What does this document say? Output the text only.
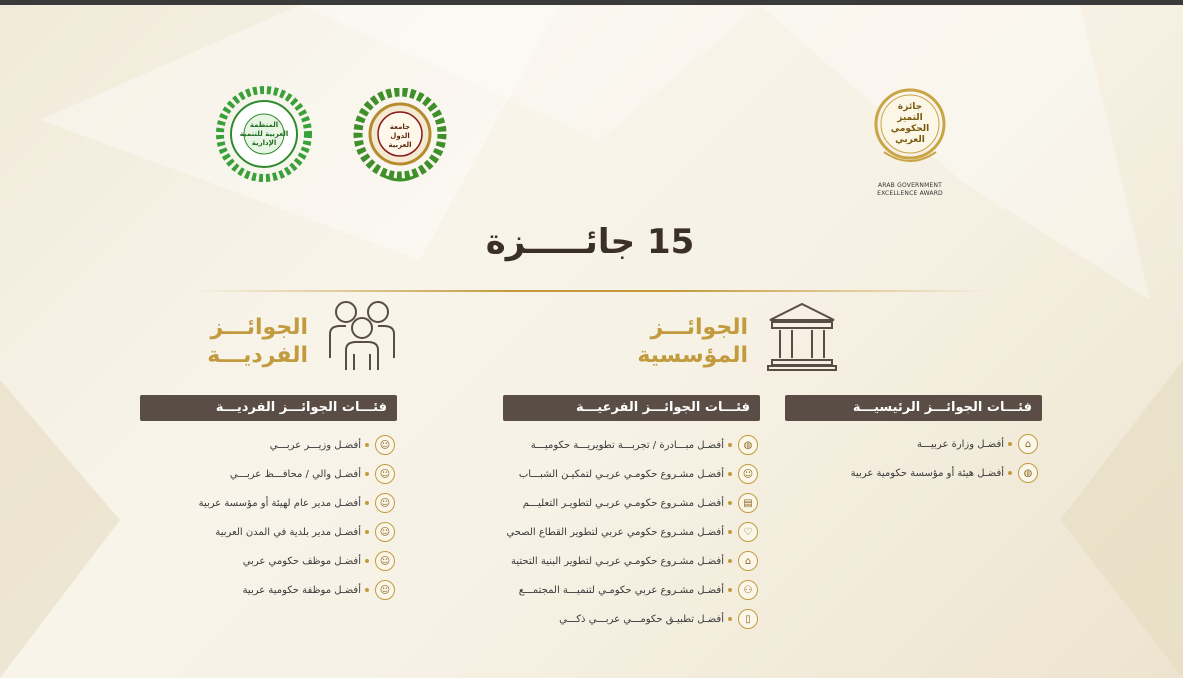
جائزة
التميز
الحكومي
العربي
ARAB GOVERNMENT
EXCELLENCE AWARD
جامعة الدول العربية
المنظمة العربية للتنمية الإدارية
15 جائـــــزة
الجوائـــز
المؤسسية
الجوائـــز
الفرديـــة
فئـــات الجوائـــز الرئيسيـــة
فئـــات الجوائـــز الفرعيـــة
فئـــات الجوائـــز الفرديـــة
⌂
أفضـل وزارة عربيـــة
◍
أفضـل هيئة أو مؤسسة حكومية عربية
◍
أفضـل مبـــادرة / تجربـــة تطويريـــة حكوميـــة
☺
أفضـل مشـروع حكومـي عربـي لتمكيـن الشبـــاب
▤
أفضـل مشـروع حكومـي عربـي لتطويـر التعليـــم
♡
أفضـل مشـروع حكومي عربي لتطوير القطاع الصحي
⌂
أفضـل مشـروع حكومـي عربـي لتطوير البنية التحتية
⚇
أفضـل مشـروع عربي حكومـي لتنميـــة المجتمـــع
▯
أفضـل تطبيـق حكومـــي عربـــي ذكـــي
☺
أفضـل وزيـــر عربـــي
☺
أفضـل والي / محافـــظ عربـــي
☺
أفضـل مدير عام لهيئة أو مؤسسة عربية
☺
أفضـل مدير بلدية في المدن العربية
☺
أفضـل موظف حكومي عربي
☺
أفضـل موظفة حكومية عربية
